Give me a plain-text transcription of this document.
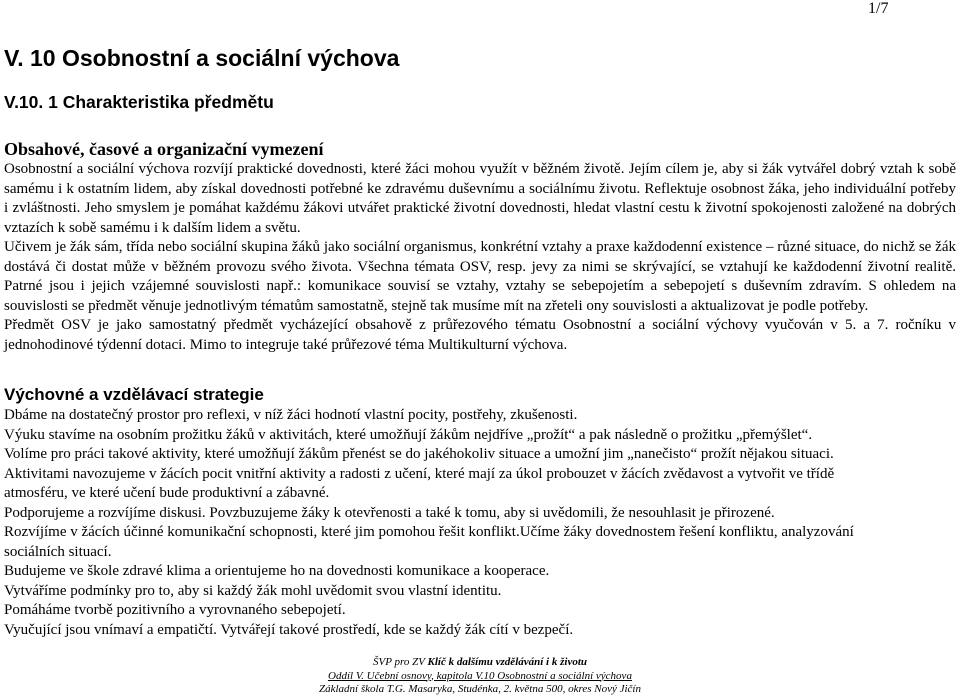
1/7
V. 10 Osobnostní a sociální výchova
V.10. 1 Charakteristika předmětu
Obsahové, časové a organizační vymezení

Osobnostní a sociální výchova rozvíjí praktické dovednosti, které žáci mohou využít v běžném životě. Jejím cílem je, aby si žák vytvářel dobrý vztah k sobě samému i k ostatním lidem, aby získal dovednosti potřebné ke zdravému duševnímu a sociálnímu životu. Reflektuje osobnost žáka, jeho individuální potřeby i zvláštnosti. Jeho smyslem je pomáhat každému žákovi utvářet praktické životní dovednosti, hledat vlastní cestu k životní spokojenosti založené na dobrých vztazích k sobě samému i k dalším lidem a světu.

Učivem je žák sám, třída nebo sociální skupina žáků jako sociální organismus, konkrétní vztahy a praxe každodenní existence – různé situace, do nichž se žák dostává či dostat může v běžném provozu svého života. Všechna témata OSV, resp. jevy za nimi se skrývající, se vztahují ke každodenní životní realitě. Patrné jsou i jejich vzájemné souvislosti např.: komunikace souvisí se vztahy, vztahy se sebepojetím a sebepojetí s duševním zdravím. S ohledem na souvislosti se předmět věnuje jednotlivým tématům samostatně, stejně tak musíme mít na zřeteli ony souvislosti a aktualizovat je podle potřeby.

Předmět OSV je jako samostatný předmět vycházející obsahově z průřezového tématu Osobnostní a sociální výchovy vyučován v 5. a 7. ročníku v jednohodinové týdenní dotaci. Mimo to integruje také průřezové téma Multikulturní výchova.

Výchovné a vzdělávací strategie
Dbáme na dostatečný prostor pro reflexi, v níž žáci hodnotí vlastní pocity, postřehy, zkušenosti.
Výuku stavíme na osobním prožitku žáků v aktivitách, které umožňují žákům nejdříve „prožít“ a pak následně o prožitku „přemýšlet“.
Volíme pro práci takové aktivity, které umožňují žákům přenést se do jakéhokoliv situace a umožní jim „nanečisto“ prožít nějakou situaci.
Aktivitami navozujeme v žácích pocit vnitřní aktivity a radosti z učení, které mají za úkol probouzet v žácích zvědavost a vytvořit ve třídě
atmosféru, ve které učení bude produktivní a zábavné.
Podporujeme a rozvíjíme diskusi. Povzbuzujeme žáky k otevřenosti a také k tomu, aby si uvědomili, že nesouhlasit je přirozené.
Rozvíjíme v žácích účinné komunikační schopnosti, které jim pomohou řešit konflikt.Učíme žáky dovednostem řešení konfliktu, analyzování
sociálních situací.
Budujeme ve škole zdravé klima a orientujeme ho na dovednosti komunikace a kooperace.
Vytváříme podmínky pro to, aby si každý žák mohl uvědomit svou vlastní identitu.
Pomáháme tvorbě pozitivního a vyrovnaného sebepojetí.
Vyučující jsou vnímaví a empatičtí. Vytvářejí takové prostředí, kde se každý žák cítí v bezpečí.
ŠVP pro ZV Klíč k dalšímu vzdělávání i k životu
Oddíl V. Učební osnovy, kapitola V.10 Osobnostní a sociální výchova
Základní škola T.G. Masaryka, Studénka, 2. května 500, okres Nový Jičín
